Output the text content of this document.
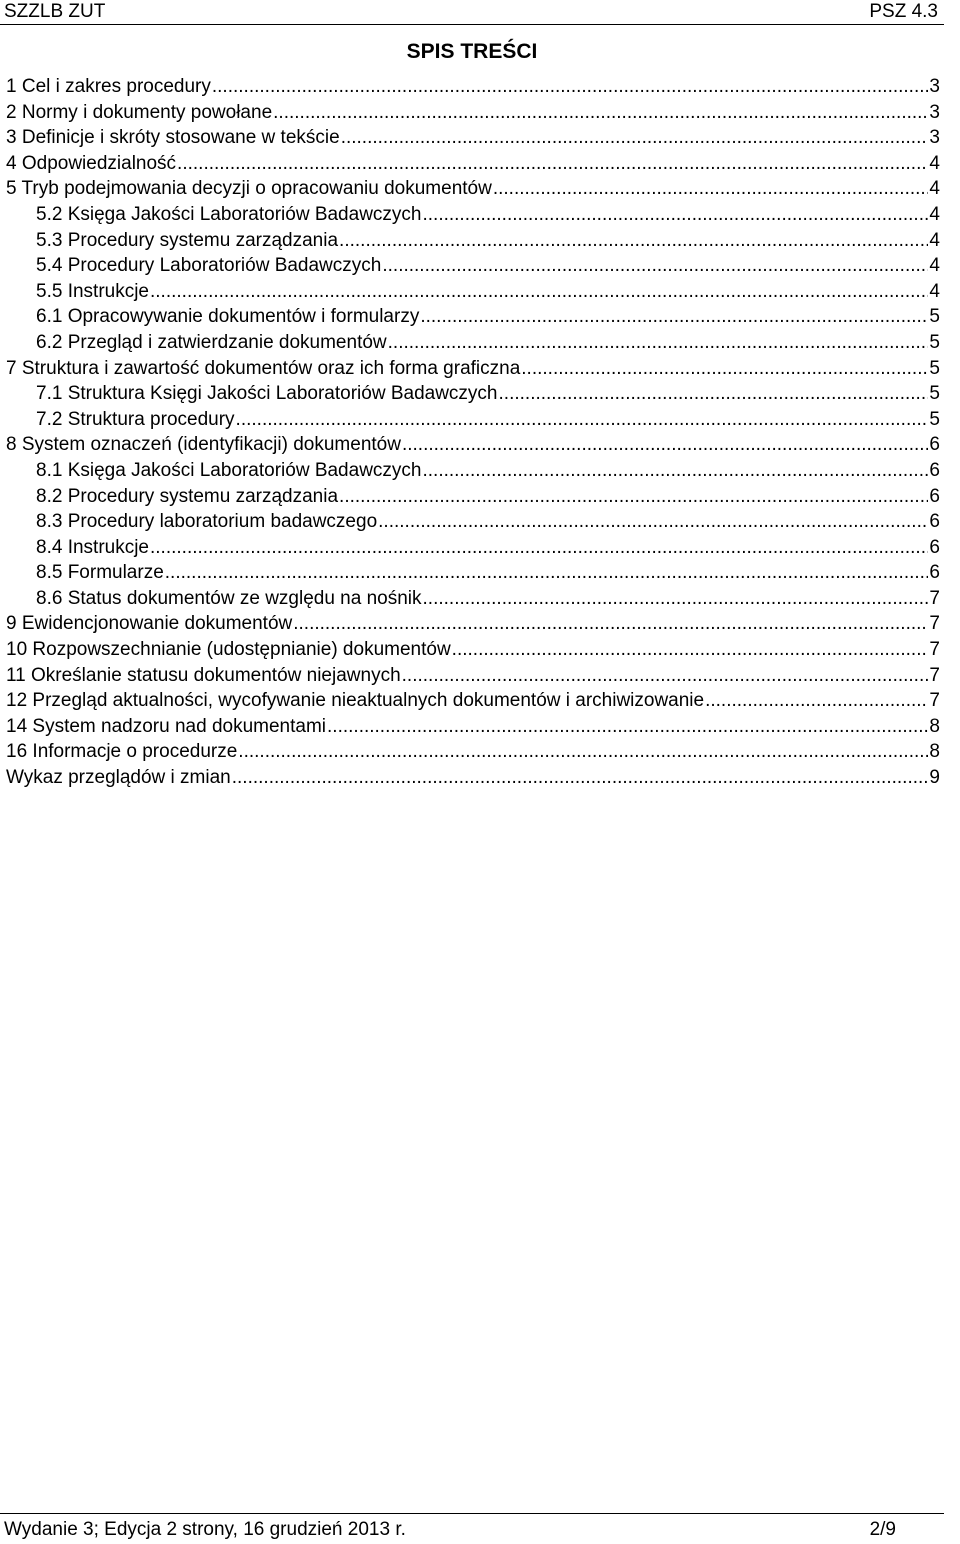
SZZLB ZUT	PSZ 4.3
SPIS TREŚCI
1 Cel i zakres procedury .....	3
2 Normy i dokumenty powołane .....	3
3 Definicje i skróty stosowane w tekście .....	3
4 Odpowiedzialność .....	4
5 Tryb podejmowania decyzji o opracowaniu dokumentów .....	4
5.2 Księga Jakości Laboratoriów Badawczych .....	4
5.3 Procedury systemu zarządzania .....	4
5.4 Procedury Laboratoriów Badawczych .....	4
5.5 Instrukcje .....	4
6.1 Opracowywanie dokumentów i formularzy .....	5
6.2 Przegląd i zatwierdzanie dokumentów .....	5
7 Struktura i zawartość dokumentów oraz ich forma graficzna .....	5
7.1 Struktura Księgi Jakości Laboratoriów Badawczych .....	5
7.2 Struktura procedury .....	5
8 System oznaczeń (identyfikacji) dokumentów .....	6
8.1 Księga Jakości Laboratoriów Badawczych .....	6
8.2 Procedury systemu zarządzania .....	6
8.3 Procedury laboratorium badawczego .....	6
8.4 Instrukcje .....	6
8.5 Formularze .....	6
8.6 Status dokumentów ze względu na nośnik .....	7
9 Ewidencjonowanie dokumentów .....	7
10 Rozpowszechnianie (udostępnianie) dokumentów .....	7
11 Określanie statusu dokumentów niejawnych .....	7
12 Przegląd aktualności, wycofywanie nieaktualnych dokumentów i archiwizowanie .....	7
14 System nadzoru nad dokumentami .....	8
16 Informacje o procedurze .....	8
Wykaz przeglądów i zmian .....	9
Wydanie 3; Edycja 2 strony, 16 grudzień 2013 r.	2/9
